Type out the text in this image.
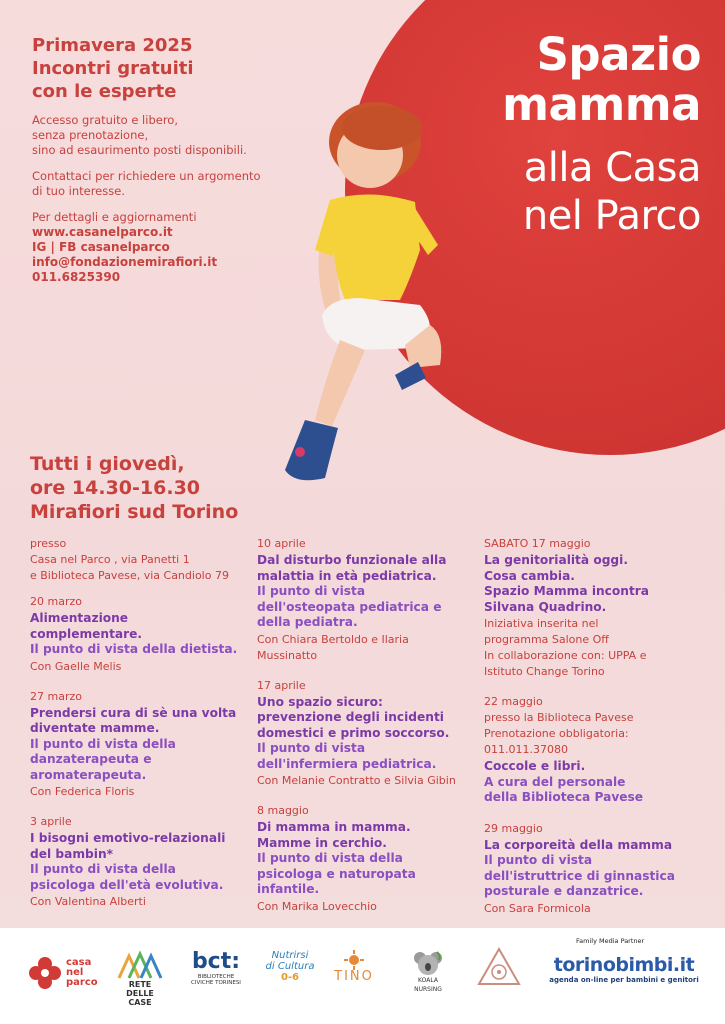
Primavera 2025
Incontri gratuiti
con le esperte
Accesso gratuito e libero,
senza prenotazione,
sino ad esaurimento posti disponibili.
Contattaci per richiedere un argomento
di tuo interesse.
Per dettagli e aggiornamenti
www.casanelparco.it
IG | FB casanelparco
info@fondazionemirafiori.it
011.6825390
Spazio
mamma
alla Casa
nel Parco
Tutti i giovedì,
ore 14.30-16.30
Mirafiori sud Torino
presso
Casa nel Parco , via Panetti 1
e Biblioteca Pavese, via Candiolo 79
20 marzo
Alimentazione
complementare.
Il punto di vista della dietista.
Con Gaelle Melis
27 marzo
Prendersi cura di sè una volta
diventate mamme.
Il punto di vista della
danzaterapeuta e
aromaterapeuta.
Con Federica Floris
3 aprile
I bisogni emotivo-relazionali
del bambin*
Il punto di vista della
psicologa dell'età evolutiva.
Con Valentina Alberti
10 aprile
Dal disturbo funzionale alla
malattia in età pediatrica.
Il punto di vista
dell'osteopata pediatrica e
della pediatra.
Con Chiara Bertoldo e Ilaria
Mussinatto
17 aprile
Uno spazio sicuro:
prevenzione degli incidenti
domestici e primo soccorso.
Il punto di vista
dell'infermiera pediatrica.
Con Melanie Contratto e Silvia Gibin
8 maggio
Di mamma in mamma.
Mamme in cerchio.
Il punto di vista della
psicologa e naturopata
infantile.
Con Marika Lovecchio
SABATO 17 maggio
La genitorialità oggi.
Cosa cambia.
Spazio Mamma incontra
Silvana Quadrino.
Iniziativa inserita nel
programma Salone Off
In collaborazione con: UPPA e
Istituto Change Torino
22 maggio
presso la Biblioteca Pavese
Prenotazione obbligatoria:
011.011.37080
Coccole e libri.
A cura del personale
della Biblioteca Pavese
29 maggio
La corporeità della mamma
Il punto di vista
dell'istruttrice di ginnastica
posturale e danzatrice.
Con Sara Formicola
casa
nel
parco	RETE DELLE CASE
bct:
BIBLIOTECHE CIVICHE TORINESI
Nutrirsi
di Cultura
0-6	TINO	KOALA NURSING
Family Media Partner
torinobimbi.it
agenda on-line per bambini e genitori
